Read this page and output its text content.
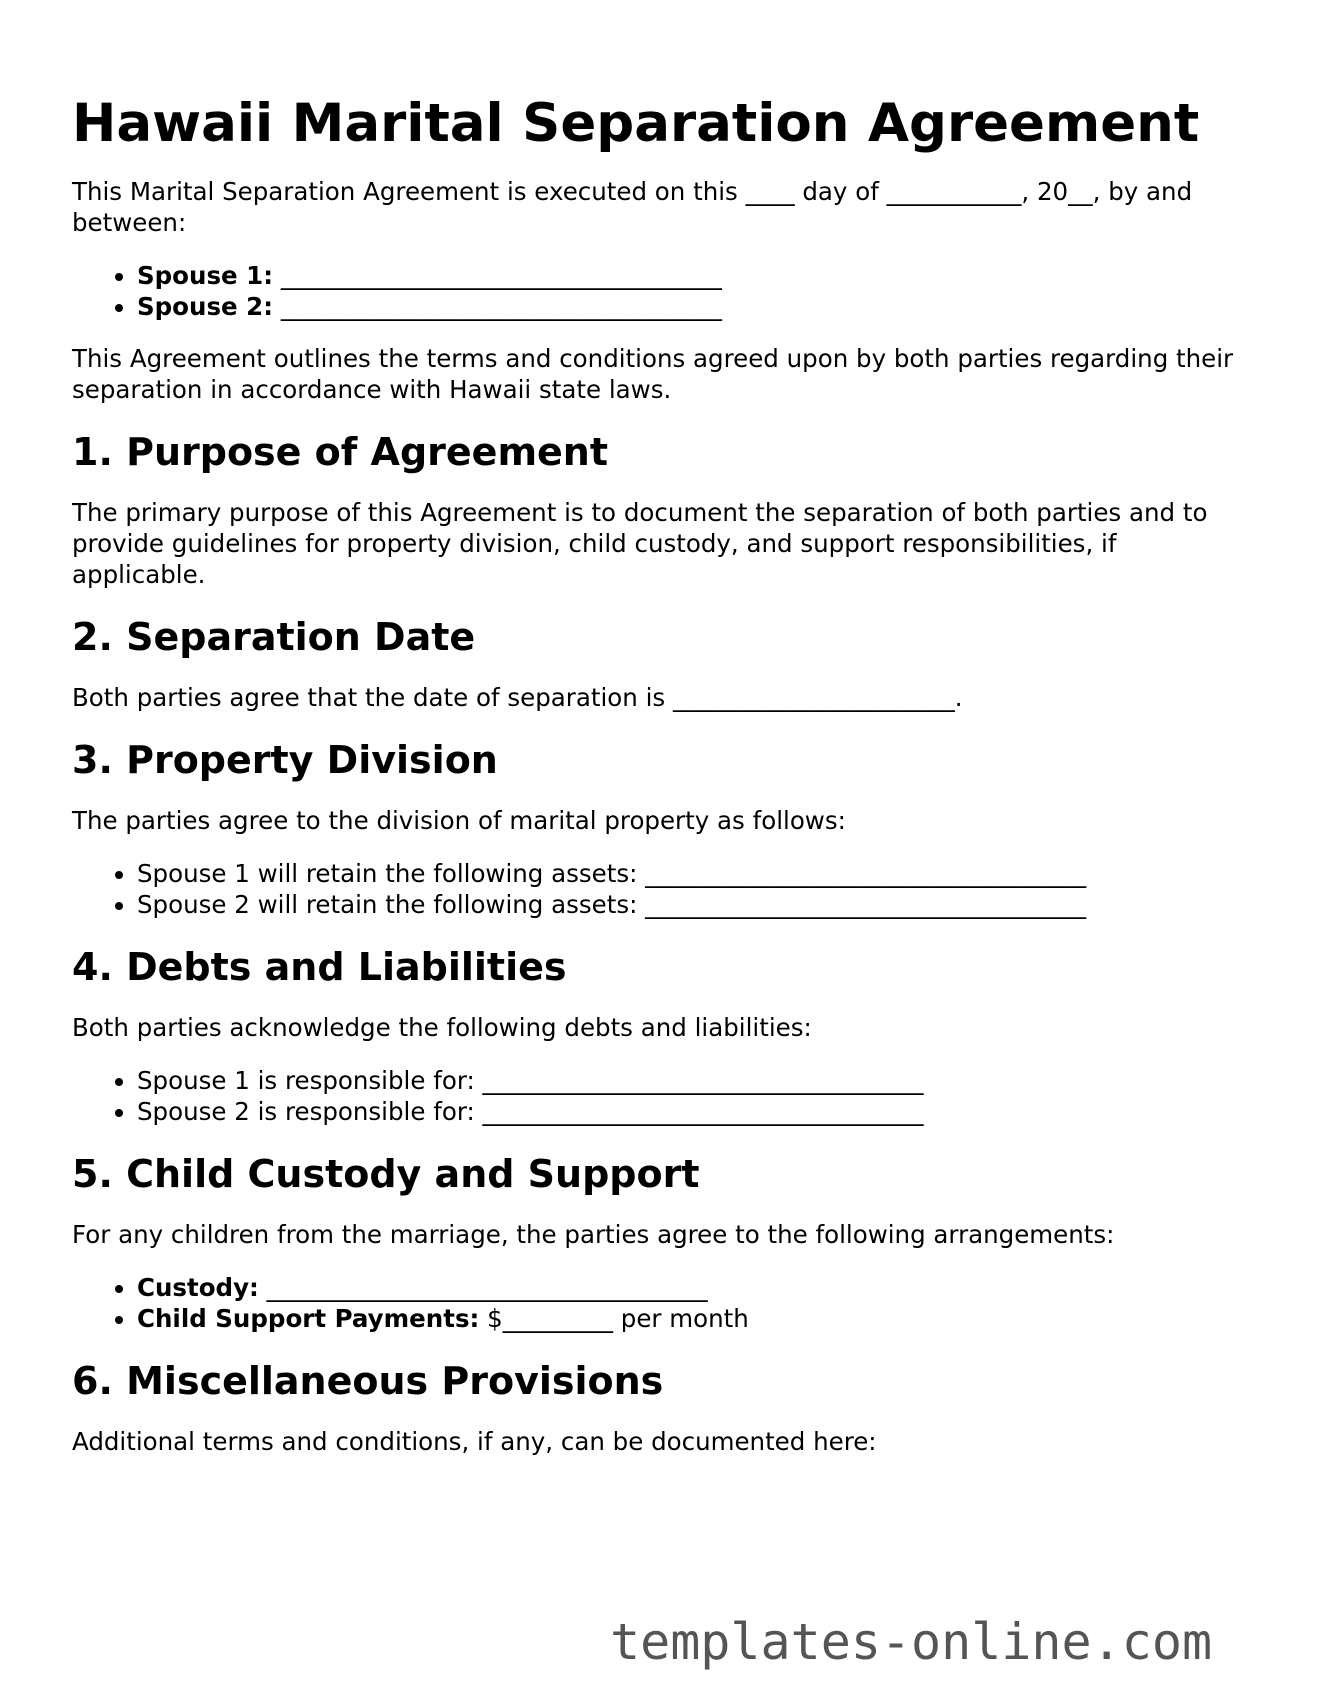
Hawaii Marital Separation Agreement

This Marital Separation Agreement is executed on this ____ day of ___________, 20__, by and between:

• Spouse 1: ____________________________________
• Spouse 2: ____________________________________

This Agreement outlines the terms and conditions agreed upon by both parties regarding their separation in accordance with Hawaii state laws.

1. Purpose of Agreement

The primary purpose of this Agreement is to document the separation of both parties and to provide guidelines for property division, child custody, and support responsibilities, if applicable.

2. Separation Date

Both parties agree that the date of separation is _______________________.

3. Property Division

The parties agree to the division of marital property as follows:

• Spouse 1 will retain the following assets: ____________________________________
• Spouse 2 will retain the following assets: ____________________________________
4. Debts and Liabilities

Both parties acknowledge the following debts and liabilities:

• Spouse 1 is responsible for: ____________________________________
• Spouse 2 is responsible for: ____________________________________
5. Child Custody and Support

For any children from the marriage, the parties agree to the following arrangements:

• Custody: ____________________________________
• Child Support Payments: $_________ per month
6. Miscellaneous Provisions

Additional terms and conditions, if any, can be documented here:

templates-online.com
